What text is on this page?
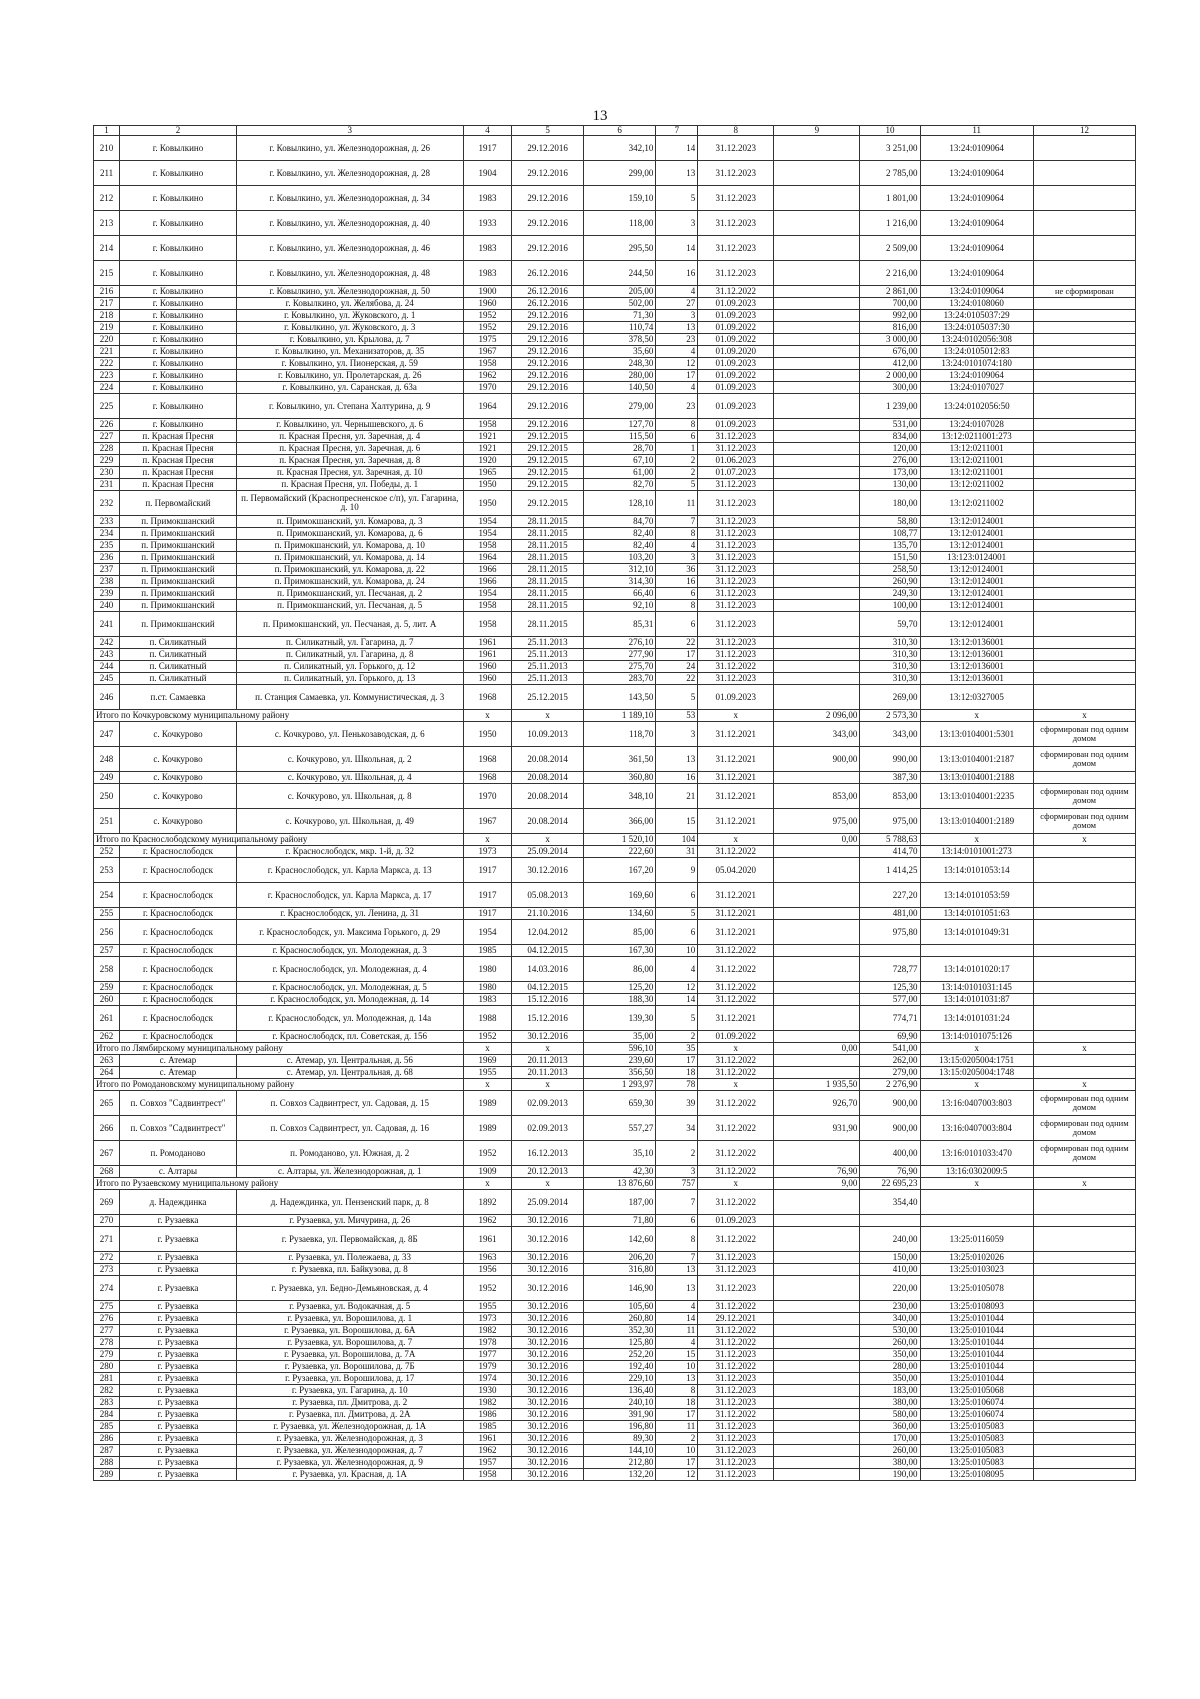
13
1	2	3	4	5	6	7	8	9	10	11	12
210	г. Ковылкино	г. Ковылкино, ул. Железнодорожная, д. 26	1917	29.12.2016	342,10	14	31.12.2023		3 251,00	13:24:0109064	
211	г. Ковылкино	г. Ковылкино, ул. Железнодорожная, д. 28	1904	29.12.2016	299,00	13	31.12.2023		2 785,00	13:24:0109064	
212	г. Ковылкино	г. Ковылкино, ул. Железнодорожная, д. 34	1983	29.12.2016	159,10	5	31.12.2023		1 801,00	13:24:0109064	
213	г. Ковылкино	г. Ковылкино, ул. Железнодорожная, д. 40	1933	29.12.2016	118,00	3	31.12.2023		1 216,00	13:24:0109064	
214	г. Ковылкино	г. Ковылкино, ул. Железнодорожная, д. 46	1983	29.12.2016	295,50	14	31.12.2023		2 509,00	13:24:0109064	
215	г. Ковылкино	г. Ковылкино, ул. Железнодорожная, д. 48	1983	26.12.2016	244,50	16	31.12.2023		2 216,00	13:24:0109064	
216	г. Ковылкино	г. Ковылкино, ул. Железнодорожная, д. 50	1900	26.12.2016	205,00	4	31.12.2022		2 861,00	13:24:0109064	не сформирован
217	г. Ковылкино	г. Ковылкино, ул. Желябова, д. 24	1960	26.12.2016	502,00	27	01.09.2023		700,00	13:24:0108060	
218	г. Ковылкино	г. Ковылкино, ул. Жуковского, д. 1	1952	29.12.2016	71,30	3	01.09.2023		992,00	13:24:0105037:29	
219	г. Ковылкино	г. Ковылкино, ул. Жуковского, д. 3	1952	29.12.2016	110,74	13	01.09.2022		816,00	13:24:0105037:30	
220	г. Ковылкино	г. Ковылкино, ул. Крылова, д. 7	1975	29.12.2016	378,50	23	01.09.2022		3 000,00	13:24:0102056:308	
221	г. Ковылкино	г. Ковылкино, ул. Механизаторов, д. 35	1967	29.12.2016	35,60	4	01.09.2020		676,00	13:24:0105012:83	
222	г. Ковылкино	г. Ковылкино, ул. Пионерская, д. 59	1958	29.12.2016	248,30	12	01.09.2023		412,00	13:24:0101074:180	
223	г. Ковылкино	г. Ковылкино, ул. Пролетарская, д. 26	1962	29.12.2016	280,00	17	01.09.2022		2 000,00	13:24:0109064	
224	г. Ковылкино	г. Ковылкино, ул. Саранская, д. 63а	1970	29.12.2016	140,50	4	01.09.2023		300,00	13:24:0107027	
225	г. Ковылкино	г. Ковылкино, ул. Степана Халтурина, д. 9	1964	29.12.2016	279,00	23	01.09.2023		1 239,00	13:24:0102056:50	
226	г. Ковылкино	г. Ковылкино, ул. Чернышевского, д. 6	1958	29.12.2016	127,70	8	01.09.2023		531,00	13:24:0107028	
227	п. Красная Пресня	п. Красная Пресня, ул. Заречная, д. 4	1921	29.12.2015	115,50	6	31.12.2023		834,00	13:12:0211001:273	
228	п. Красная Пресня	п. Красная Пресня, ул. Заречная, д. 6	1921	29.12.2015	28,70	1	31.12.2023		120,00	13:12:0211001	
229	п. Красная Пресня	п. Красная Пресня, ул. Заречная, д. 8	1920	29.12.2015	67,10	2	01.06.2023		276,00	13:12:0211001	
230	п. Красная Пресня	п. Красная Пресня, ул. Заречная, д. 10	1965	29.12.2015	61,00	2	01.07.2023		173,00	13:12:0211001	
231	п. Красная Пресня	п. Красная Пресня, ул. Победы, д. 1	1950	29.12.2015	82,70	5	31.12.2023		130,00	13:12:0211002	
232	п. Первомайский	п. Первомайский (Краснопресненское с/п), ул. Гагарина, д. 10	1950	29.12.2015	128,10	11	31.12.2023		180,00	13:12:0211002	
233	п. Примокшанский	п. Примокшанский, ул. Комарова, д. 3	1954	28.11.2015	84,70	7	31.12.2023		58,80	13:12:0124001	
234	п. Примокшанский	п. Примокшанский, ул. Комарова, д. 6	1954	28.11.2015	82,40	8	31.12.2023		108,77	13:12:0124001	
235	п. Примокшанский	п. Примокшанский, ул. Комарова, д. 10	1958	28.11.2015	82,40	4	31.12.2023		135,70	13:12:0124001	
236	п. Примокшанский	п. Примокшанский, ул. Комарова, д. 14	1964	28.11.2015	103,20	3	31.12.2023		151,50	13:123:0124001	
237	п. Примокшанский	п. Примокшанский, ул. Комарова, д. 22	1966	28.11.2015	312,10	36	31.12.2023		258,50	13:12:0124001	
238	п. Примокшанский	п. Примокшанский, ул. Комарова, д. 24	1966	28.11.2015	314,30	16	31.12.2023		260,90	13:12:0124001	
239	п. Примокшанский	п. Примокшанский, ул. Песчаная, д. 2	1954	28.11.2015	66,40	6	31.12.2023		249,30	13:12:0124001	
240	п. Примокшанский	п. Примокшанский, ул. Песчаная, д. 5	1958	28.11.2015	92,10	8	31.12.2023		100,00	13:12:0124001	
241	п. Примокшанский	п. Примокшанский, ул. Песчаная, д. 5, лит. А	1958	28.11.2015	85,31	6	31.12.2023		59,70	13:12:0124001	
242	п. Силикатный	п. Силикатный, ул. Гагарина, д. 7	1961	25.11.2013	276,10	22	31.12.2023		310,30	13:12:0136001	
243	п. Силикатный	п. Силикатный, ул. Гагарина, д. 8	1961	25.11.2013	277,90	17	31.12.2023		310,30	13:12:0136001	
244	п. Силикатный	п. Силикатный, ул. Горького, д. 12	1960	25.11.2013	275,70	24	31.12.2022		310,30	13:12:0136001	
245	п. Силикатный	п. Силикатный, ул. Горького, д. 13	1960	25.11.2013	283,70	22	31.12.2023		310,30	13:12:0136001	
246	п.ст. Самаевка	п. Станция Самаевка, ул. Коммунистическая, д. 3	1968	25.12.2015	143,50	5	01.09.2023		269,00	13:12:0327005	
Итого по Кочкуровскому муниципальному району			x	x	1 189,10	53	x	2 096,00	2 573,30	x	x
247	с. Кочкурово	с. Кочкурово, ул. Пенькозаводская, д. 6	1950	10.09.2013	118,70	3	31.12.2021	343,00	343,00	13:13:0104001:5301	сформирован под одним домом
248	с. Кочкурово	с. Кочкурово, ул. Школьная, д. 2	1968	20.08.2014	361,50	13	31.12.2021	900,00	990,00	13:13:0104001:2187	сформирован под одним домом
249	с. Кочкурово	с. Кочкурово, ул. Школьная, д. 4	1968	20.08.2014	360,80	16	31.12.2021		387,30	13:13:0104001:2188	
250	с. Кочкурово	с. Кочкурово, ул. Школьная, д. 8	1970	20.08.2014	348,10	21	31.12.2021	853,00	853,00	13:13:0104001:2235	сформирован под одним домом
251	с. Кочкурово	с. Кочкурово, ул. Школьная, д. 49	1967	20.08.2014	366,00	15	31.12.2021	975,00	975,00	13:13:0104001:2189	сформирован под одним домом
Итого по Краснослободскому муниципальному району			x	x	1 520,10	104	x	0,00	5 788,63	x	x
252	г. Краснослободск	г. Краснослободск, мкр. 1-й, д. 32	1973	25.09.2014	222,60	31	31.12.2022		414,70	13:14:0101001:273	
253	г. Краснослободск	г. Краснослободск, ул. Карла Маркса, д. 13	1917	30.12.2016	167,20	9	05.04.2020		1 414,25	13:14:0101053:14	
254	г. Краснослободск	г. Краснослободск, ул. Карла Маркса, д. 17	1917	05.08.2013	169,60	6	31.12.2021		227,20	13:14:0101053:59	
255	г. Краснослободск	г. Краснослободск, ул. Ленина, д. 31	1917	21.10.2016	134,60	5	31.12.2021		481,00	13:14:0101051:63	
256	г. Краснослободск	г. Краснослободск, ул. Максима Горького, д. 29	1954	12.04.2012	85,00	6	31.12.2021		975,80	13:14:0101049:31	
257	г. Краснослободск	г. Краснослободск, ул. Молодежная, д. 3	1985	04.12.2015	167,30	10	31.12.2022				
258	г. Краснослободск	г. Краснослободск, ул. Молодежная, д. 4	1980	14.03.2016	86,00	4	31.12.2022		728,77	13:14:0101020:17	
259	г. Краснослободск	г. Краснослободск, ул. Молодежная, д. 5	1980	04.12.2015	125,20	12	31.12.2022		125,30	13:14:0101031:145	
260	г. Краснослободск	г. Краснослободск, ул. Молодежная, д. 14	1983	15.12.2016	188,30	14	31.12.2022		577,00	13:14:0101031:87	
261	г. Краснослободск	г. Краснослободск, ул. Молодежная, д. 14а	1988	15.12.2016	139,30	5	31.12.2021		774,71	13:14:0101031:24	
262	г. Краснослободск	г. Краснослободск, пл. Советская, д. 156	1952	30.12.2016	35,00	2	01.09.2022		69,90	13:14:0101075:126	
Итого по Лямбирскому муниципальному району			x	x	596,10	35	x	0,00	541,00	x	x
263	с. Атемар	с. Атемар, ул. Центральная, д. 56	1969	20.11.2013	239,60	17	31.12.2022		262,00	13:15:0205004:1751	
264	с. Атемар	с. Атемар, ул. Центральная, д. 68	1955	20.11.2013	356,50	18	31.12.2022		279,00	13:15:0205004:1748	
Итого по Ромодановскому муниципальному району			x	x	1 293,97	78	x	1 935,50	2 276,90	x	x
265	п. Совхоз "Садвинтрест"	п. Совхоз Садвинтрест, ул. Садовая, д. 15	1989	02.09.2013	659,30	39	31.12.2022	926,70	900,00	13:16:0407003:803	сформирован под одним домом
266	п. Совхоз "Садвинтрест"	п. Совхоз Садвинтрест, ул. Садовая, д. 16	1989	02.09.2013	557,27	34	31.12.2022	931,90	900,00	13:16:0407003:804	сформирован под одним домом
267	п. Ромоданово	п. Ромоданово, ул. Южная, д. 2	1952	16.12.2013	35,10	2	31.12.2022		400,00	13:16:0101033:470	сформирован под одним домом
268	с. Алтары	с. Алтары, ул. Железнодорожная, д. 1	1909	20.12.2013	42,30	3	31.12.2022	76,90	76,90	13:16:0302009:5	
Итого по Рузаевскому муниципальному району			x	x	13 876,60	757	x	9,00	22 695,23	x	x
269	д. Надеждинка	д. Надеждинка, ул. Пензенский парк, д. 8	1892	25.09.2014	187,00	7	31.12.2022		354,40		
270	г. Рузаевка	г. Рузаевка, ул. Мичурина, д. 26	1962	30.12.2016	71,80	6	01.09.2023				
271	г. Рузаевка	г. Рузаевка, ул. Первомайская, д. 8Б	1961	30.12.2016	142,60	8	31.12.2022		240,00	13:25:0116059	
272	г. Рузаевка	г. Рузаевка, ул. Полежаева, д. 33	1963	30.12.2016	206,20	7	31.12.2023		150,00	13:25:0102026	
273	г. Рузаевка	г. Рузаевка, пл. Байкузова, д. 8	1956	30.12.2016	316,80	13	31.12.2023		410,00	13:25:0103023	
274	г. Рузаевка	г. Рузаевка, ул. Бедно-Демьяновская, д. 4	1952	30.12.2016	146,90	13	31.12.2023		220,00	13:25:0105078	
275	г. Рузаевка	г. Рузаевка, ул. Водокачная, д. 5	1955	30.12.2016	105,60	4	31.12.2022		230,00	13:25:0108093	
276	г. Рузаевка	г. Рузаевка, ул. Ворошилова, д. 1	1973	30.12.2016	260,80	14	29.12.2021		340,00	13:25:0101044	
277	г. Рузаевка	г. Рузаевка, ул. Ворошилова, д. 6А	1982	30.12.2016	352,30	11	31.12.2022		530,00	13:25:0101044	
278	г. Рузаевка	г. Рузаевка, ул. Ворошилова, д. 7	1978	30.12.2016	125,80	4	31.12.2022		260,00	13:25:0101044	
279	г. Рузаевка	г. Рузаевка, ул. Ворошилова, д. 7А	1977	30.12.2016	252,20	15	31.12.2023		350,00	13:25:0101044	
280	г. Рузаевка	г. Рузаевка, ул. Ворошилова, д. 7Б	1979	30.12.2016	192,40	10	31.12.2022		280,00	13:25:0101044	
281	г. Рузаевка	г. Рузаевка, ул. Ворошилова, д. 17	1974	30.12.2016	229,10	13	31.12.2023		350,00	13:25:0101044	
282	г. Рузаевка	г. Рузаевка, ул. Гагарина, д. 10	1930	30.12.2016	136,40	8	31.12.2023		183,00	13:25:0105068	
283	г. Рузаевка	г. Рузаевка, пл. Дмитрова, д. 2	1982	30.12.2016	240,10	18	31.12.2023		380,00	13:25:0106074	
284	г. Рузаевка	г. Рузаевка, пл. Дмитрова, д. 2А	1986	30.12.2016	391,90	17	31.12.2022		580,00	13:25:0106074	
285	г. Рузаевка	г. Рузаевка, ул. Железнодорожная, д. 1А	1985	30.12.2016	196,80	11	31.12.2023		360,00	13:25:0105083	
286	г. Рузаевка	г. Рузаевка, ул. Железнодорожная, д. 3	1961	30.12.2016	89,30	2	31.12.2023		170,00	13:25:0105083	
287	г. Рузаевка	г. Рузаевка, ул. Железнодорожная, д. 7	1962	30.12.2016	144,10	10	31.12.2023		260,00	13:25:0105083	
288	г. Рузаевка	г. Рузаевка, ул. Железнодорожная, д. 9	1957	30.12.2016	212,80	17	31.12.2023		380,00	13:25:0105083	
289	г. Рузаевка	г. Рузаевка, ул. Красная, д. 1А	1958	30.12.2016	132,20	12	31.12.2023		190,00	13:25:0108095	
